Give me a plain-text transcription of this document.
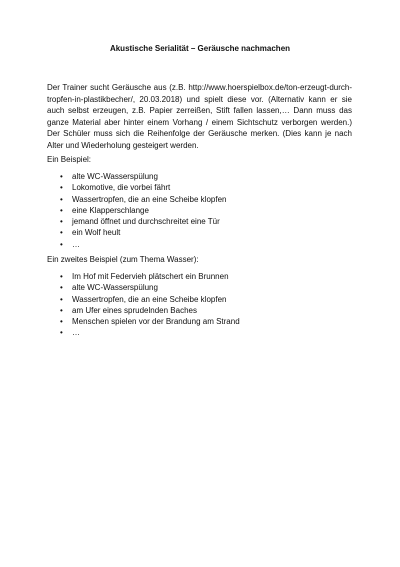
Akustische Serialität – Geräusche nachmachen

Der Trainer sucht Geräusche aus (z.B. http://www.hoerspielbox.de/ton-erzeugt-durch-tropfen-in-plastikbecher/, 20.03.2018) und spielt diese vor. (Alternativ kann er sie auch selbst erzeugen, z.B. Papier zerreißen, Stift fallen lassen,… Dann muss das ganze Material aber hinter einem Vorhang / einem Sichtschutz verborgen werden.) Der Schüler muss sich die Reihenfolge der Geräusche merken. (Dies kann je nach Alter und Wiederholung gesteigert werden.

Ein Beispiel:

• alte WC-Wasserspülung
• Lokomotive, die vorbei fährt
• Wassertropfen, die an eine Scheibe klopfen
• eine Klapperschlange
• jemand öffnet und durchschreitet eine Tür
• ein Wolf heult
• …

Ein zweites Beispiel (zum Thema Wasser):

• Im Hof mit Federvieh plätschert ein Brunnen
• alte WC-Wasserspülung
• Wassertropfen, die an eine Scheibe klopfen
• am Ufer eines sprudelnden Baches
• Menschen spielen vor der Brandung am Strand
• …
